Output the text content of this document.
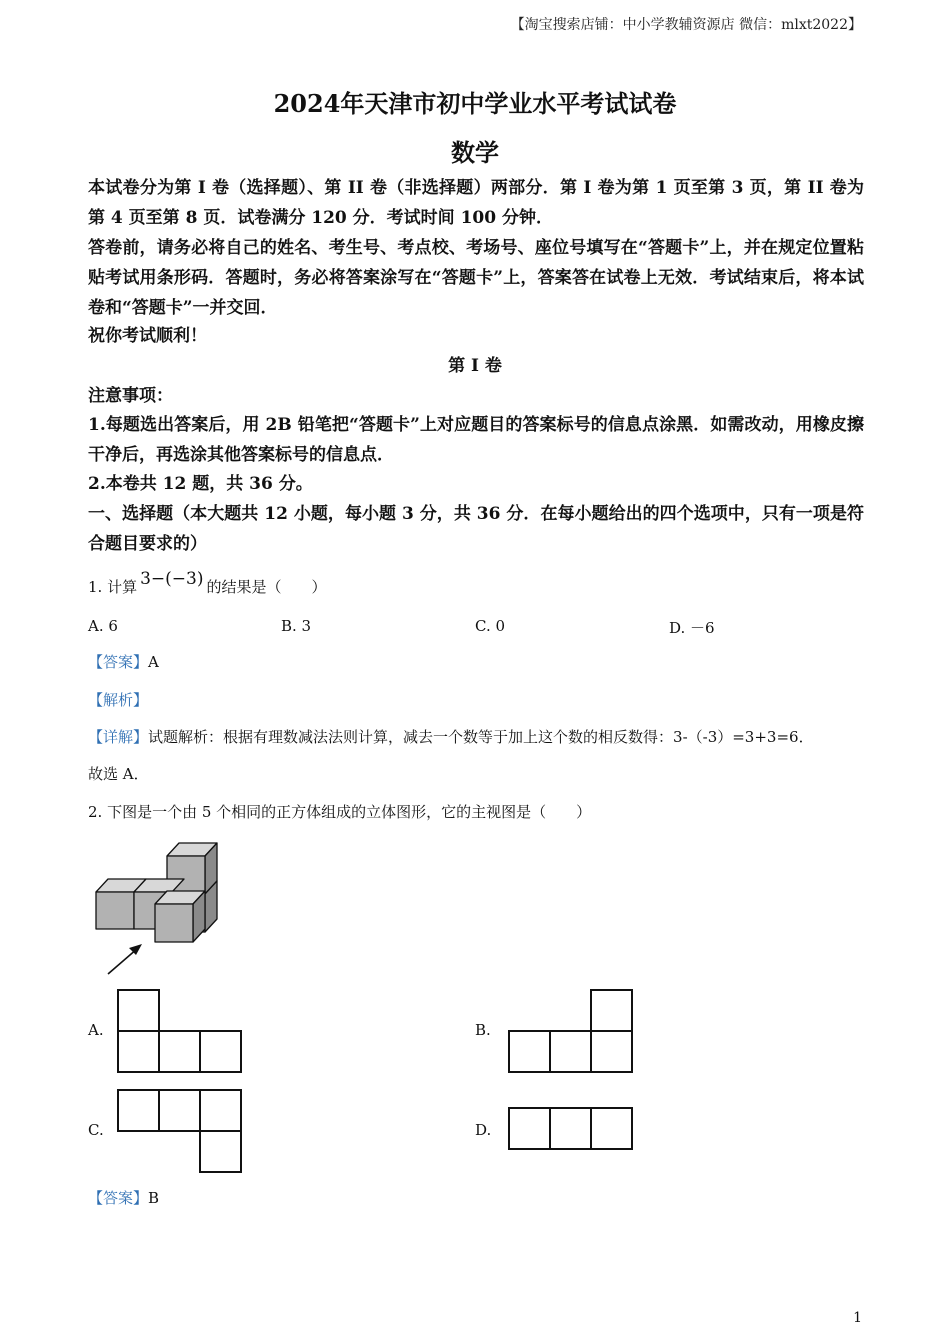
【淘宝搜索店铺：中小学教辅资源店 微信：mlxt2022】
2024年天津市初中学业水平考试试卷
数学
本试卷分为第 I 卷（选择题）、第 II 卷（非选择题）两部分．第 I 卷为第 1 页至第 3 页，第 II 卷为第 4 页至第 8 页．试卷满分 120 分．考试时间 100 分钟．
答卷前，请务必将自己的姓名、考生号、考点校、考场号、座位号填写在“答题卡”上，并在规定位置粘贴考试用条形码．答题时，务必将答案涂写在“答题卡”上，答案答在试卷上无效．考试结束后，将本试卷和“答题卡”一并交回．
祝你考试顺利！
第 I 卷
注意事项：
1.每题选出答案后，用 2B 铅笔把“答题卡”上对应题目的答案标号的信息点涂黑．如需改动，用橡皮擦干净后，再选涂其他答案标号的信息点．
2.本卷共 12 题，共 36 分。
一、选择题（本大题共 12 小题，每小题 3 分，共 36 分．在每小题给出的四个选项中，只有一项是符合题目要求的）
1. 计算 3−(−3) 的结果是（　　）
A. 6	B. 3	C. 0	D. －6
【答案】A
【解析】
【详解】试题解析：根据有理数减法法则计算，减去一个数等于加上这个数的相反数得：3-（-3）=3+3=6．
故选 A．
2. 下图是一个由 5 个相同的正方体组成的立体图形，它的主视图是（　　）
A.	B.
C.	D.
【答案】B
1
